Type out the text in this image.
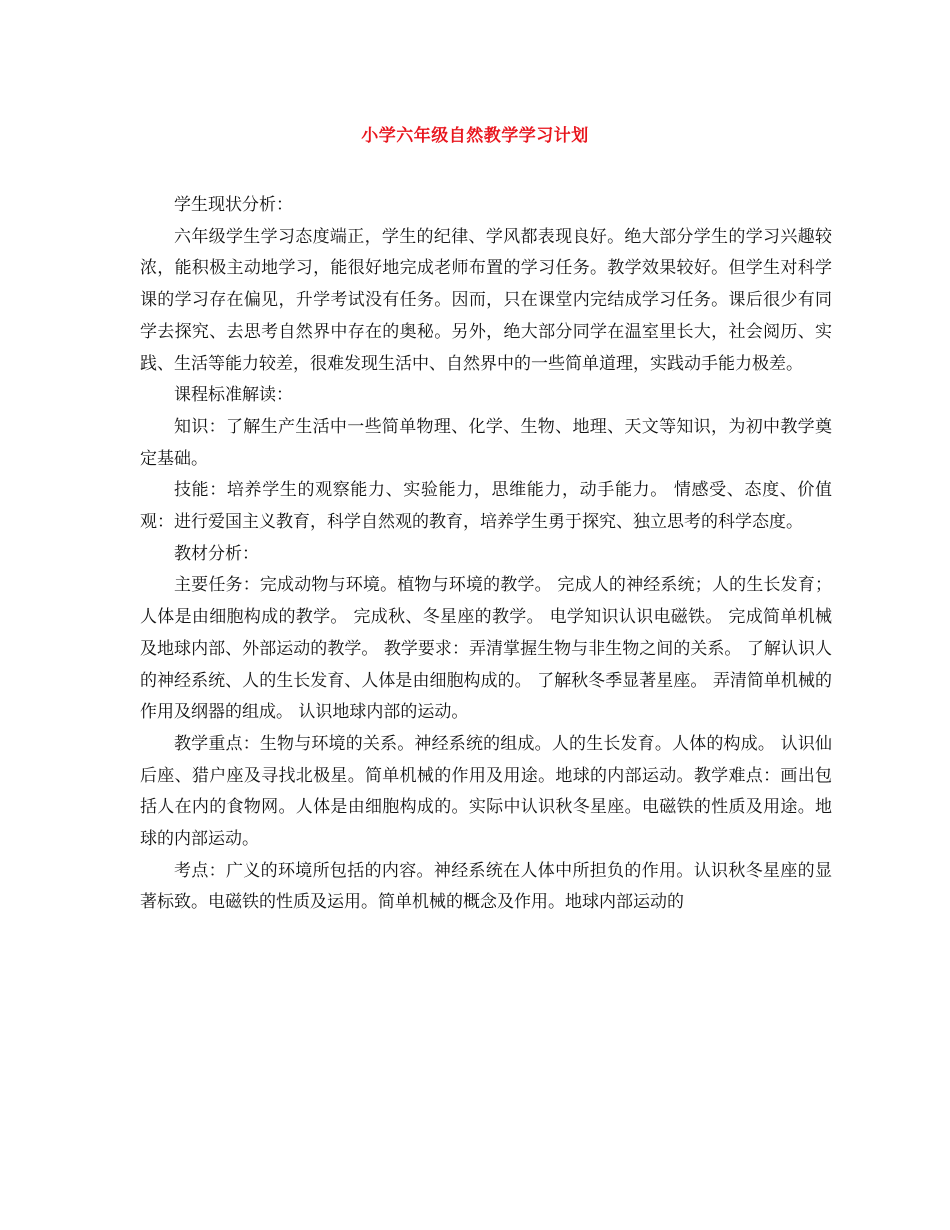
小学六年级自然教学学习计划

学生现状分析：

六年级学生学习态度端正，学生的纪律、学风都表现良好。绝大部分学生的学习兴趣较浓，能积极主动地学习，能很好地完成老师布置的学习任务。教学效果较好。但学生对科学课的学习存在偏见，升学考试没有任务。因而，只在课堂内完结成学习任务。课后很少有同学去探究、去思考自然界中存在的奥秘。另外，绝大部分同学在温室里长大，社会阅历、实践、生活等能力较差，很难发现生活中、自然界中的一些简单道理，实践动手能力极差。

课程标准解读：

知识：了解生产生活中一些简单物理、化学、生物、地理、天文等知识，为初中教学奠定基础。

技能：培养学生的观察能力、实验能力，思维能力，动手能力。 情感受、态度、价值观：进行爱国主义教育，科学自然观的教育，培养学生勇于探究、独立思考的科学态度。

教材分析：

主要任务：完成动物与环境。植物与环境的教学。 完成人的神经系统；人的生长发育；人体是由细胞构成的教学。 完成秋、冬星座的教学。 电学知识认识电磁铁。 完成简单机械及地球内部、外部运动的教学。 教学要求：弄清掌握生物与非生物之间的关系。 了解认识人的神经系统、人的生长发育、人体是由细胞构成的。 了解秋冬季显著星座。 弄清简单机械的作用及纲器的组成。 认识地球内部的运动。

教学重点：生物与环境的关系。神经系统的组成。人的生长发育。人体的构成。 认识仙后座、猎户座及寻找北极星。简单机械的作用及用途。地球的内部运动。教学难点：画出包括人在内的食物网。人体是由细胞构成的。实际中认识秋冬星座。电磁铁的性质及用途。地球的内部运动。

考点：广义的环境所包括的内容。神经系统在人体中所担负的作用。认识秋冬星座的显著标致。电磁铁的性质及运用。简单机械的概念及作用。地球内部运动的
